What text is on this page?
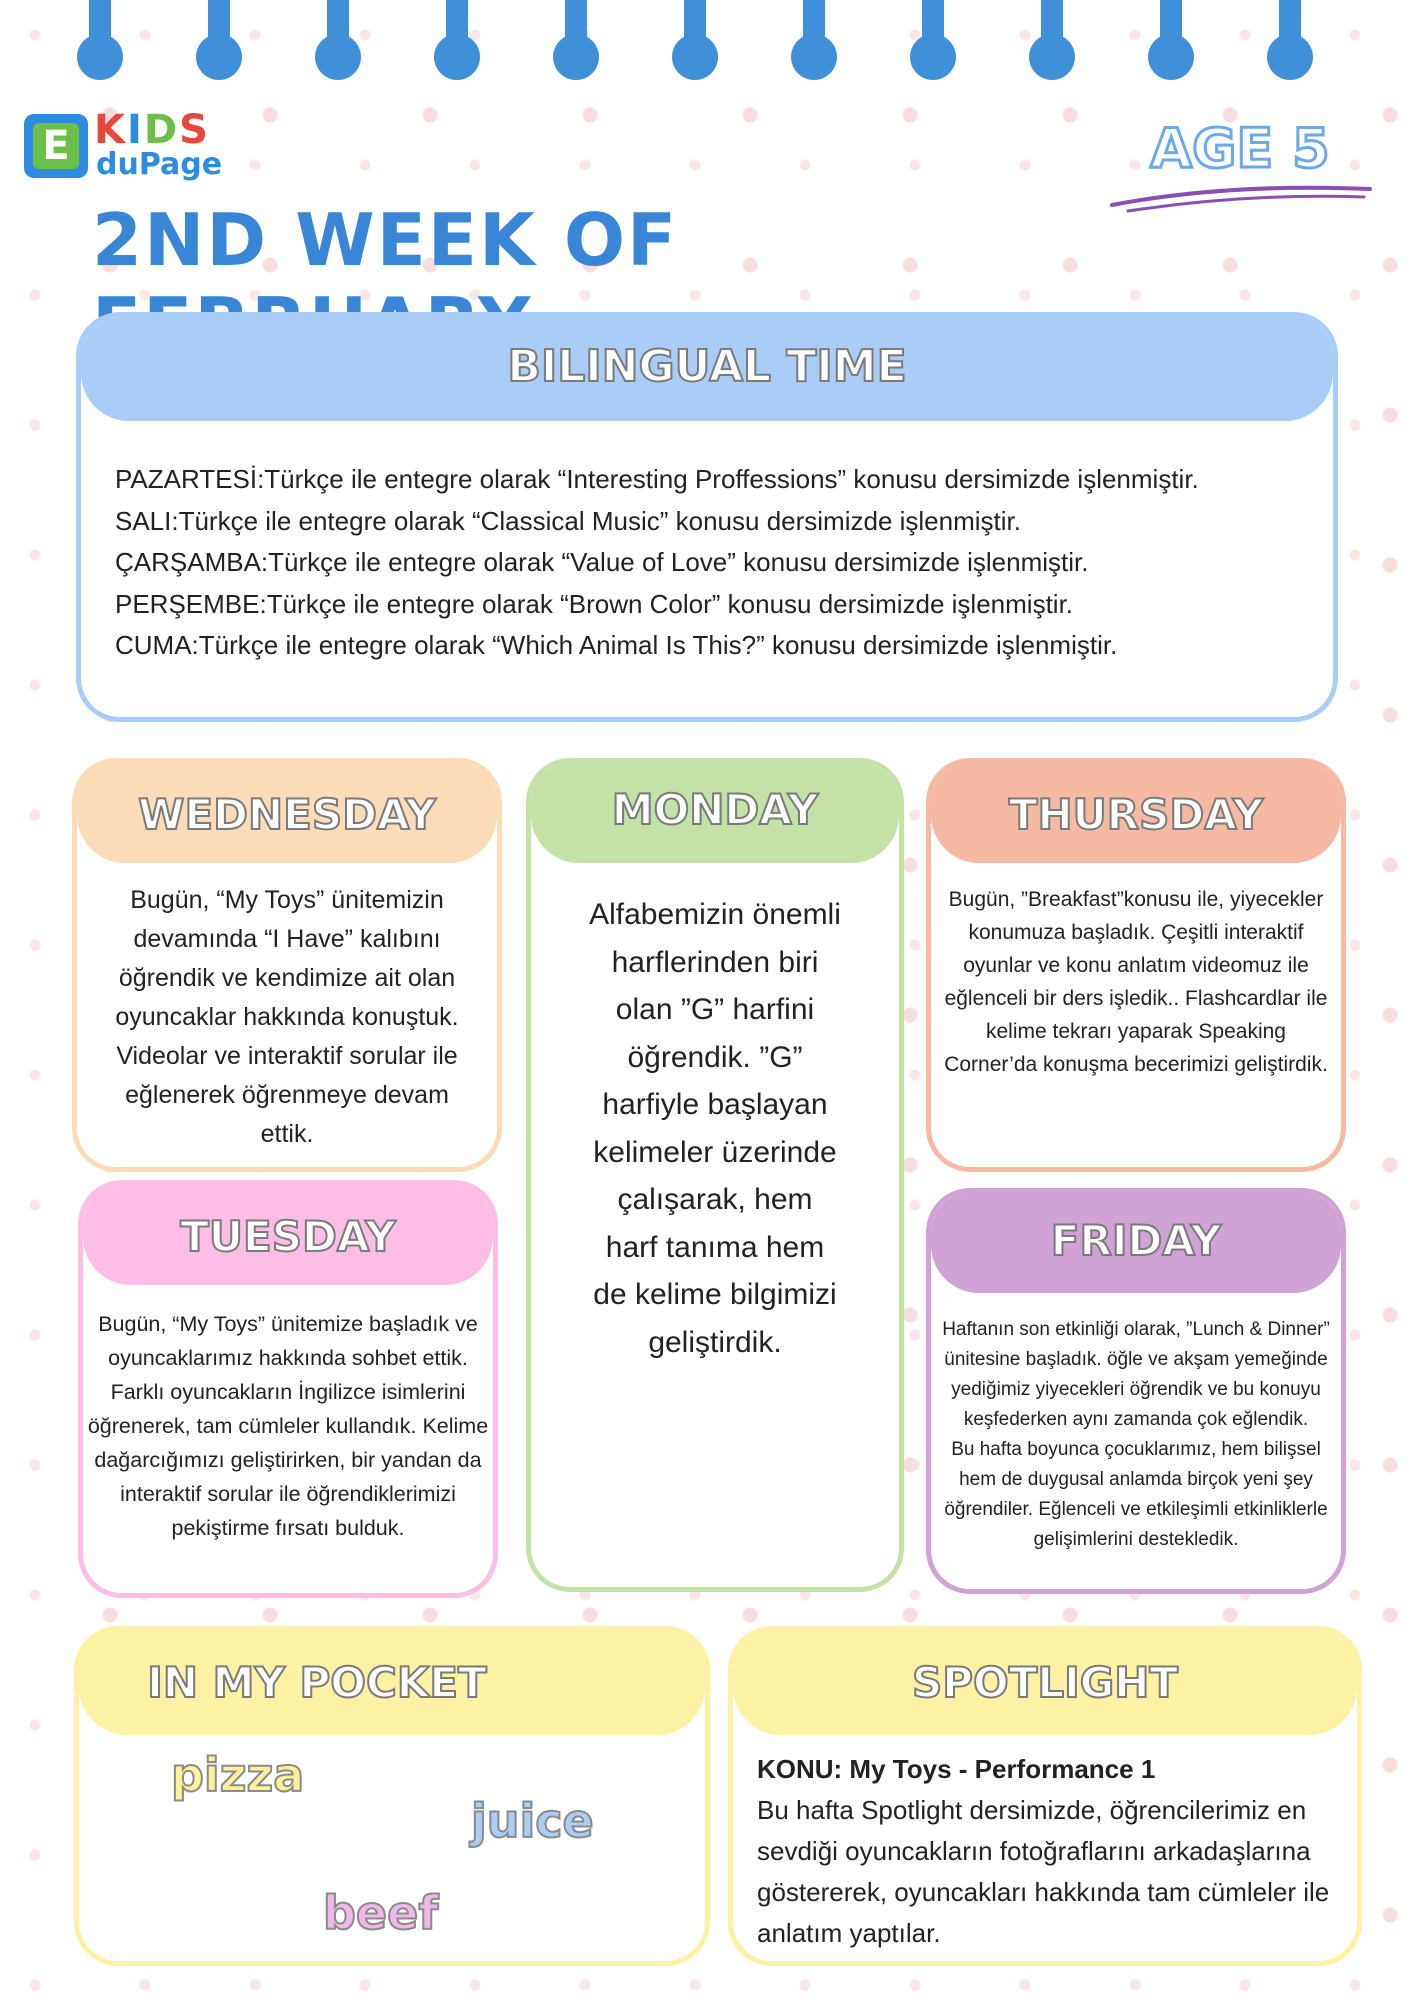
E KIDS
duPage	AGE 5
2ND WEEK OF
BILINGUAL TIME

PAZARTESİ:Türkçe ile entegre olarak “Interesting Proffessions” konusu dersimizde işlenmiştir.

SALI:Türkçe ile entegre olarak “Classical Music” konusu dersimizde işlenmiştir.

ÇARŞAMBA:Türkçe ile entegre olarak “Value of Love” konusu dersimizde işlenmiştir.

PERŞEMBE:Türkçe ile entegre olarak “Brown Color” konusu dersimizde işlenmiştir.

CUMA:Türkçe ile entegre olarak “Which Animal Is This?” konusu dersimizde işlenmiştir.

WEDNESDAY
Bugün, “My Toys” ünitemizin devamında “I Have” kalıbını öğrendik ve kendimize ait olan oyuncaklar hakkında konuştuk. Videolar ve interaktif sorular ile eğlenerek öğrenmeye devam ettik.
MONDAY
Alfabemizin önemli harflerinden biri olan ”G” harfini öğrendik. ”G” harfiyle başlayan kelimeler üzerinde çalışarak, hem harf tanıma hem de kelime bilgimizi geliştirdik.
THURSDAY
Bugün, ”Breakfast”konusu ile, yiyecekler konumuza başladık. Çeşitli interaktif oyunlar ve konu anlatım videomuz ile eğlenceli bir ders işledik.. Flashcardlar ile kelime tekrarı yaparak Speaking Corner’da konuşma becerimizi geliştirdik.
TUESDAY
Bugün, “My Toys” ünitemize başladık ve oyuncaklarımız hakkında sohbet ettik. Farklı oyuncakların İngilizce isimlerini öğrenerek, tam cümleler kullandık. Kelime dağarcığımızı geliştirirken, bir yandan da interaktif sorular ile öğrendiklerimizi pekiştirme fırsatı bulduk.
FRIDAY

Haftanın son etkinliği olarak, ”Lunch & Dinner” ünitesine başladık. öğle ve akşam yemeğinde yediğimiz yiyecekleri öğrendik ve bu konuyu keşfederken aynı zamanda çok eğlendik.

Bu hafta boyunca çocuklarımız, hem bilişsel hem de duygusal anlamda birçok yeni şey öğrendiler. Eğlenceli ve etkileşimli etkinliklerle gelişimlerini destekledik.

IN MY POCKET
pizza
juice
beef
SPOTLIGHT

KONU: My Toys - Performance 1

Bu hafta Spotlight dersimizde, öğrencilerimiz en sevdiği oyuncakların fotoğraflarını arkadaşlarına göstererek, oyuncakları hakkında tam cümleler ile anlatım yaptılar.
